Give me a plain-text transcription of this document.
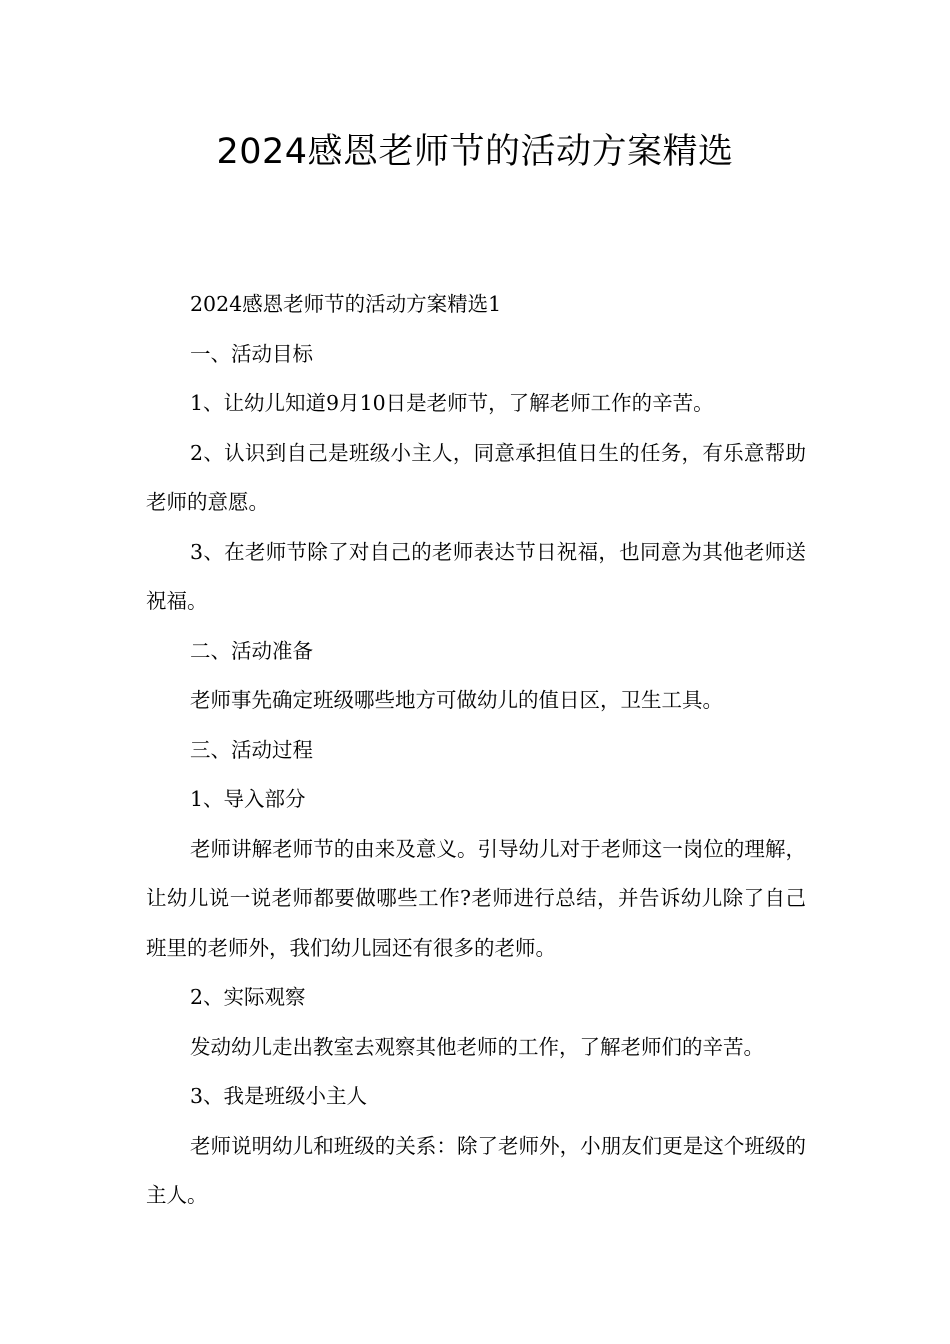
2024感恩老师节的活动方案精选

2024感恩老师节的活动方案精选1

一、活动目标

1、让幼儿知道9月10日是老师节，了解老师工作的辛苦。

2、认识到自己是班级小主人，同意承担值日生的任务，有乐意帮助老师的意愿。

3、在老师节除了对自己的老师表达节日祝福，也同意为其他老师送祝福。

二、活动准备

老师事先确定班级哪些地方可做幼儿的值日区，卫生工具。

三、活动过程

1、导入部分

老师讲解老师节的由来及意义。引导幼儿对于老师这一岗位的理解，让幼儿说一说老师都要做哪些工作?老师进行总结，并告诉幼儿除了自己班里的老师外，我们幼儿园还有很多的老师。

2、实际观察

发动幼儿走出教室去观察其他老师的工作，了解老师们的辛苦。

3、我是班级小主人

老师说明幼儿和班级的关系：除了老师外，小朋友们更是这个班级的主人。
